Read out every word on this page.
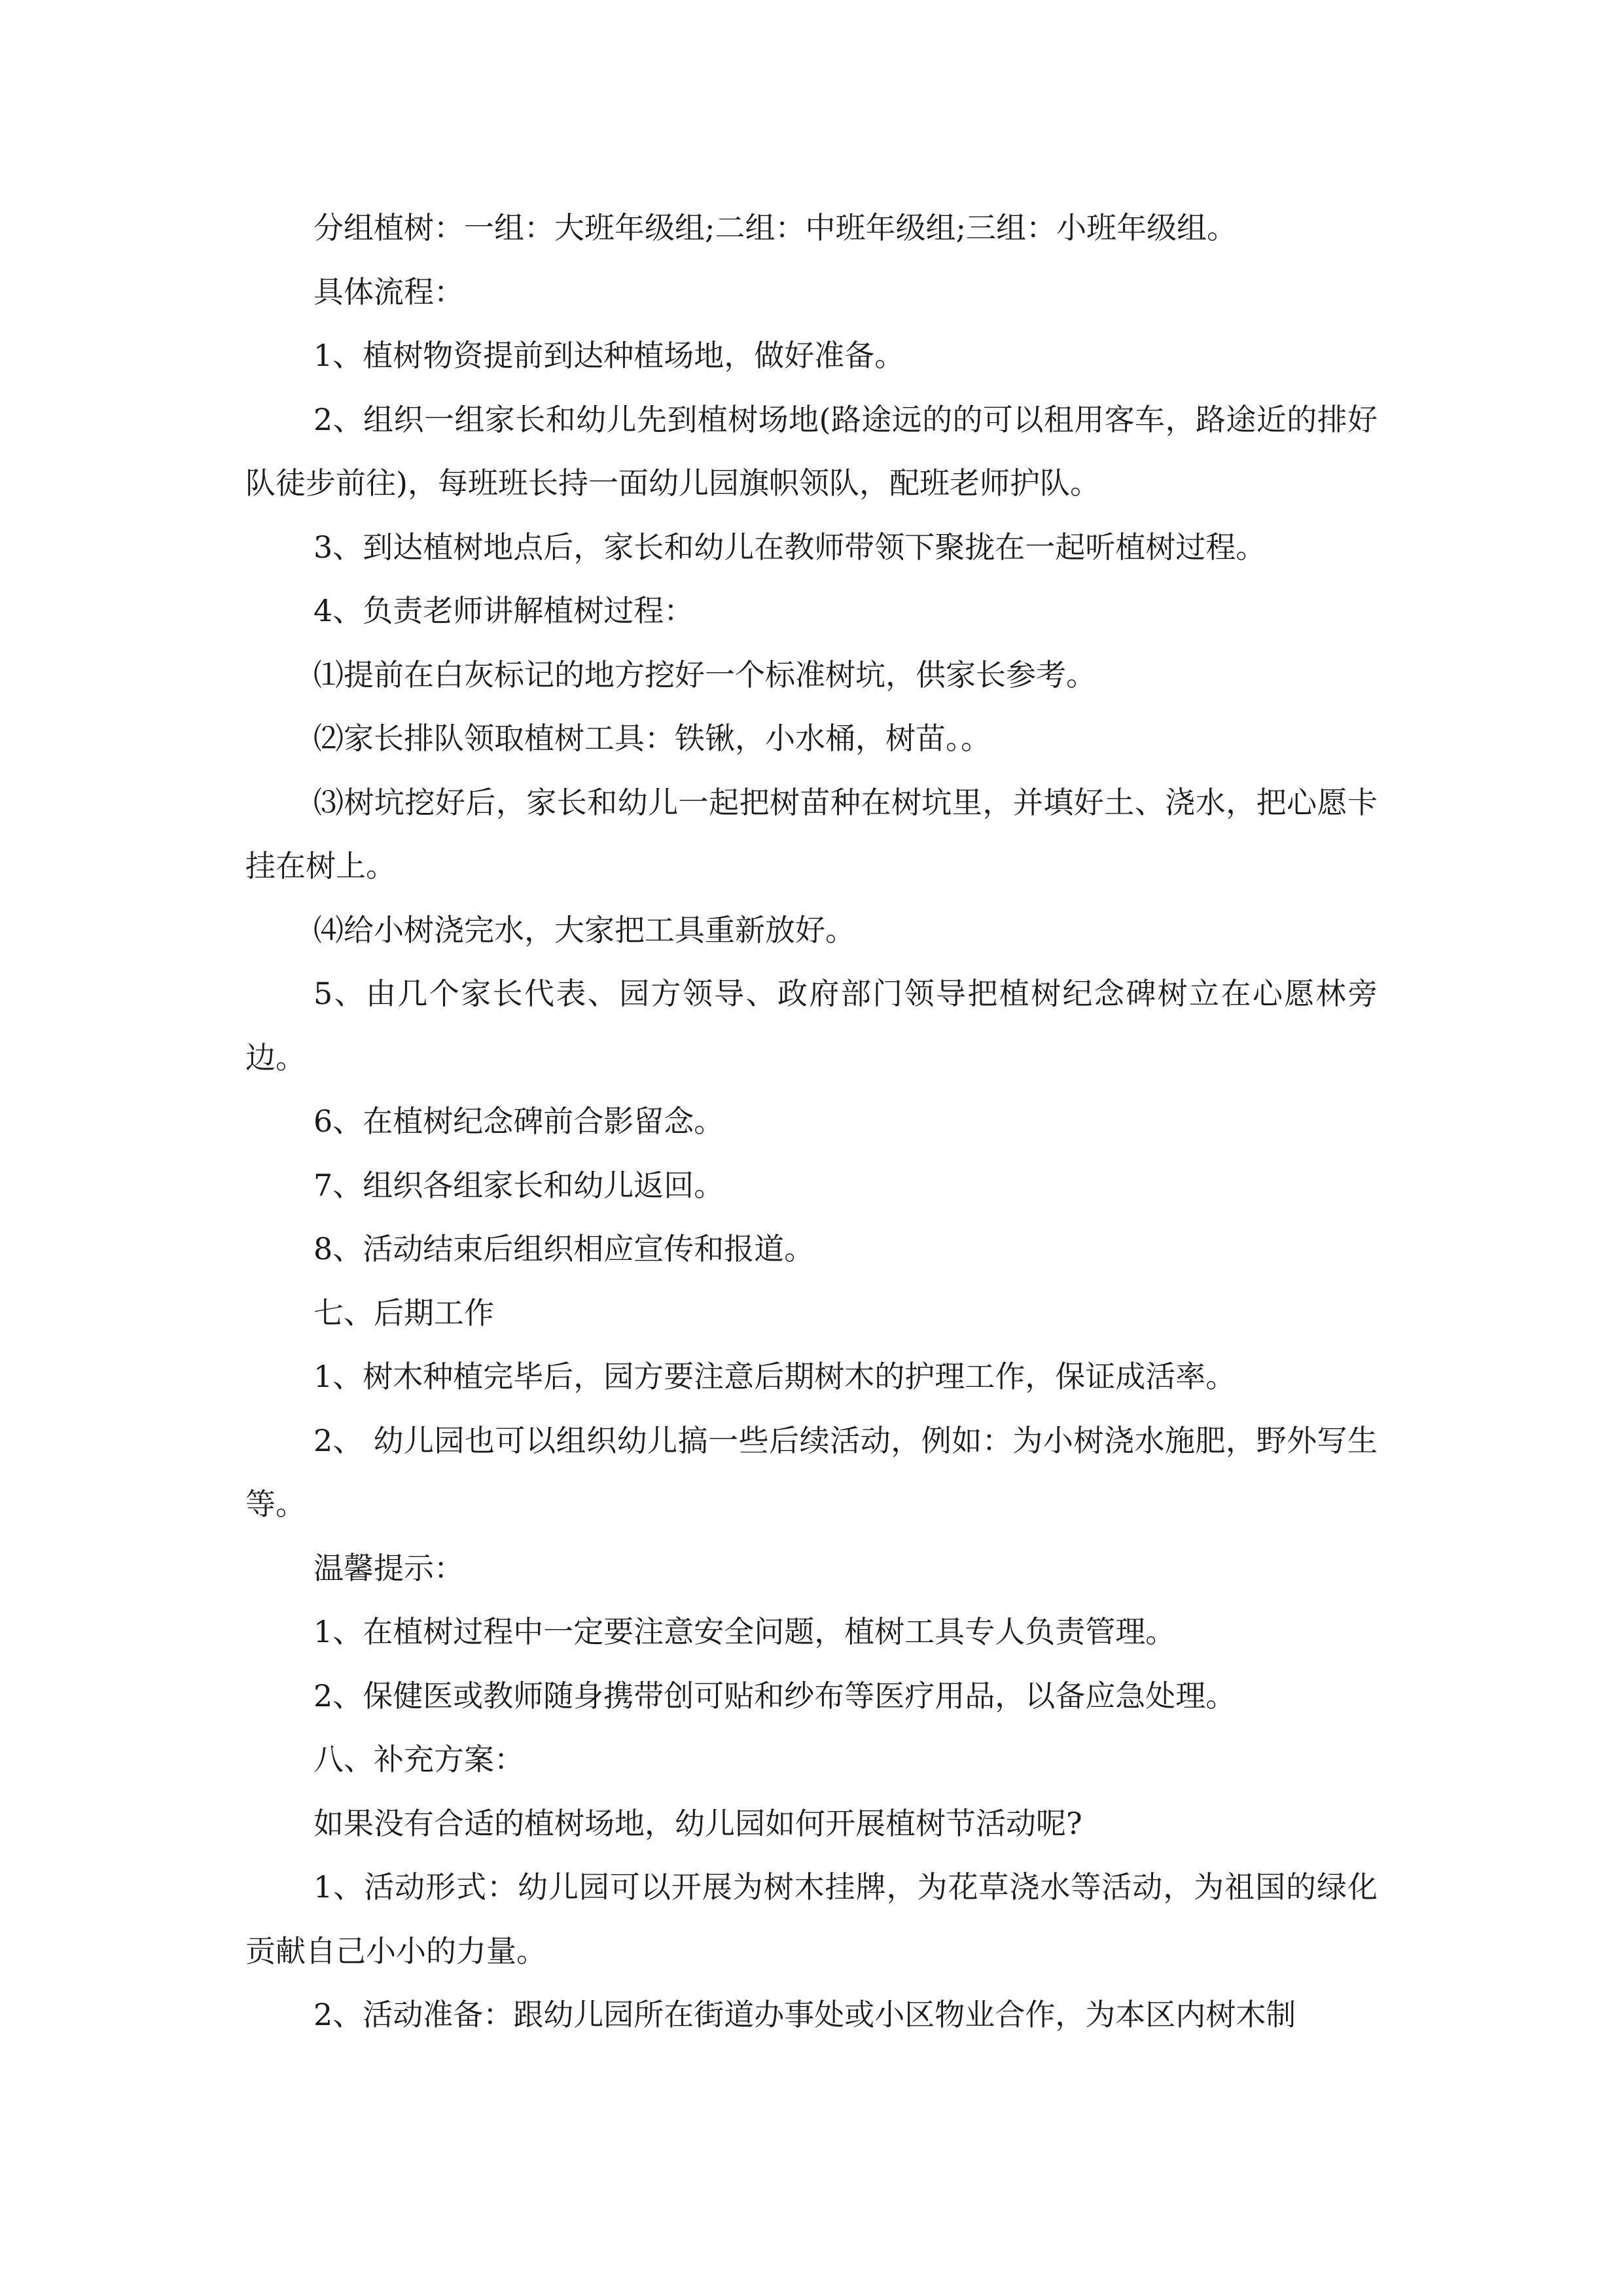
分组植树：一组：大班年级组;二组：中班年级组;三组：小班年级组。

具体流程：

1、植树物资提前到达种植场地，做好准备。

2、组织一组家长和幼儿先到植树场地(路途远的的可以租用客车，路途近的排好队徒步前往)，每班班长持一面幼儿园旗帜领队，配班老师护队。

3、到达植树地点后，家长和幼儿在教师带领下聚拢在一起听植树过程。

4、负责老师讲解植树过程：

⑴提前在白灰标记的地方挖好一个标准树坑，供家长参考。

⑵家长排队领取植树工具：铁锹，小水桶，树苗。。

⑶树坑挖好后，家长和幼儿一起把树苗种在树坑里，并填好土、浇水，把心愿卡挂在树上。

⑷给小树浇完水，大家把工具重新放好。

5、由几个家长代表、园方领导、政府部门领导把植树纪念碑树立在心愿林旁边。

6、在植树纪念碑前合影留念。

7、组织各组家长和幼儿返回。

8、活动结束后组织相应宣传和报道。

七、后期工作

1、树木种植完毕后，园方要注意后期树木的护理工作，保证成活率。

2、 幼儿园也可以组织幼儿搞一些后续活动，例如：为小树浇水施肥，野外写生等。

温馨提示：

1、在植树过程中一定要注意安全问题，植树工具专人负责管理。

2、保健医或教师随身携带创可贴和纱布等医疗用品，以备应急处理。

八、补充方案：

如果没有合适的植树场地，幼儿园如何开展植树节活动呢?

1、活动形式：幼儿园可以开展为树木挂牌，为花草浇水等活动，为祖国的绿化贡献自己小小的力量。

2、活动准备：跟幼儿园所在街道办事处或小区物业合作，为本区内树木制
